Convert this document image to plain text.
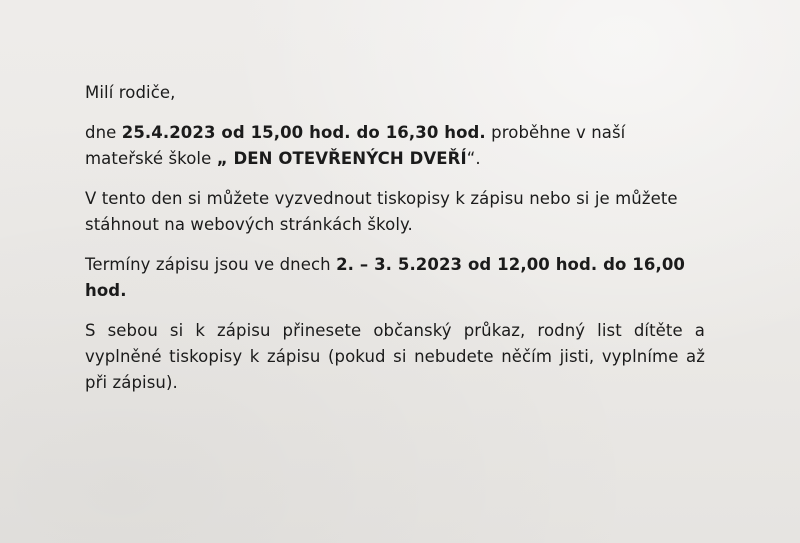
Milí rodiče,

dne 25.4.2023 od 15,00 hod. do 16,30 hod. proběhne v naší mateřské škole „ DEN OTEVŘENÝCH DVEŘÍ“.

V tento den si můžete vyzvednout tiskopisy k zápisu nebo si je můžete stáhnout na webových stránkách školy.

Termíny zápisu jsou ve dnech 2. – 3. 5.2023 od 12,00 hod. do 16,00 hod.

S sebou si k zápisu přinesete občanský průkaz, rodný list dítěte a vyplněné tiskopisy k zápisu (pokud si nebudete něčím jisti, vyplníme až při zápisu).
